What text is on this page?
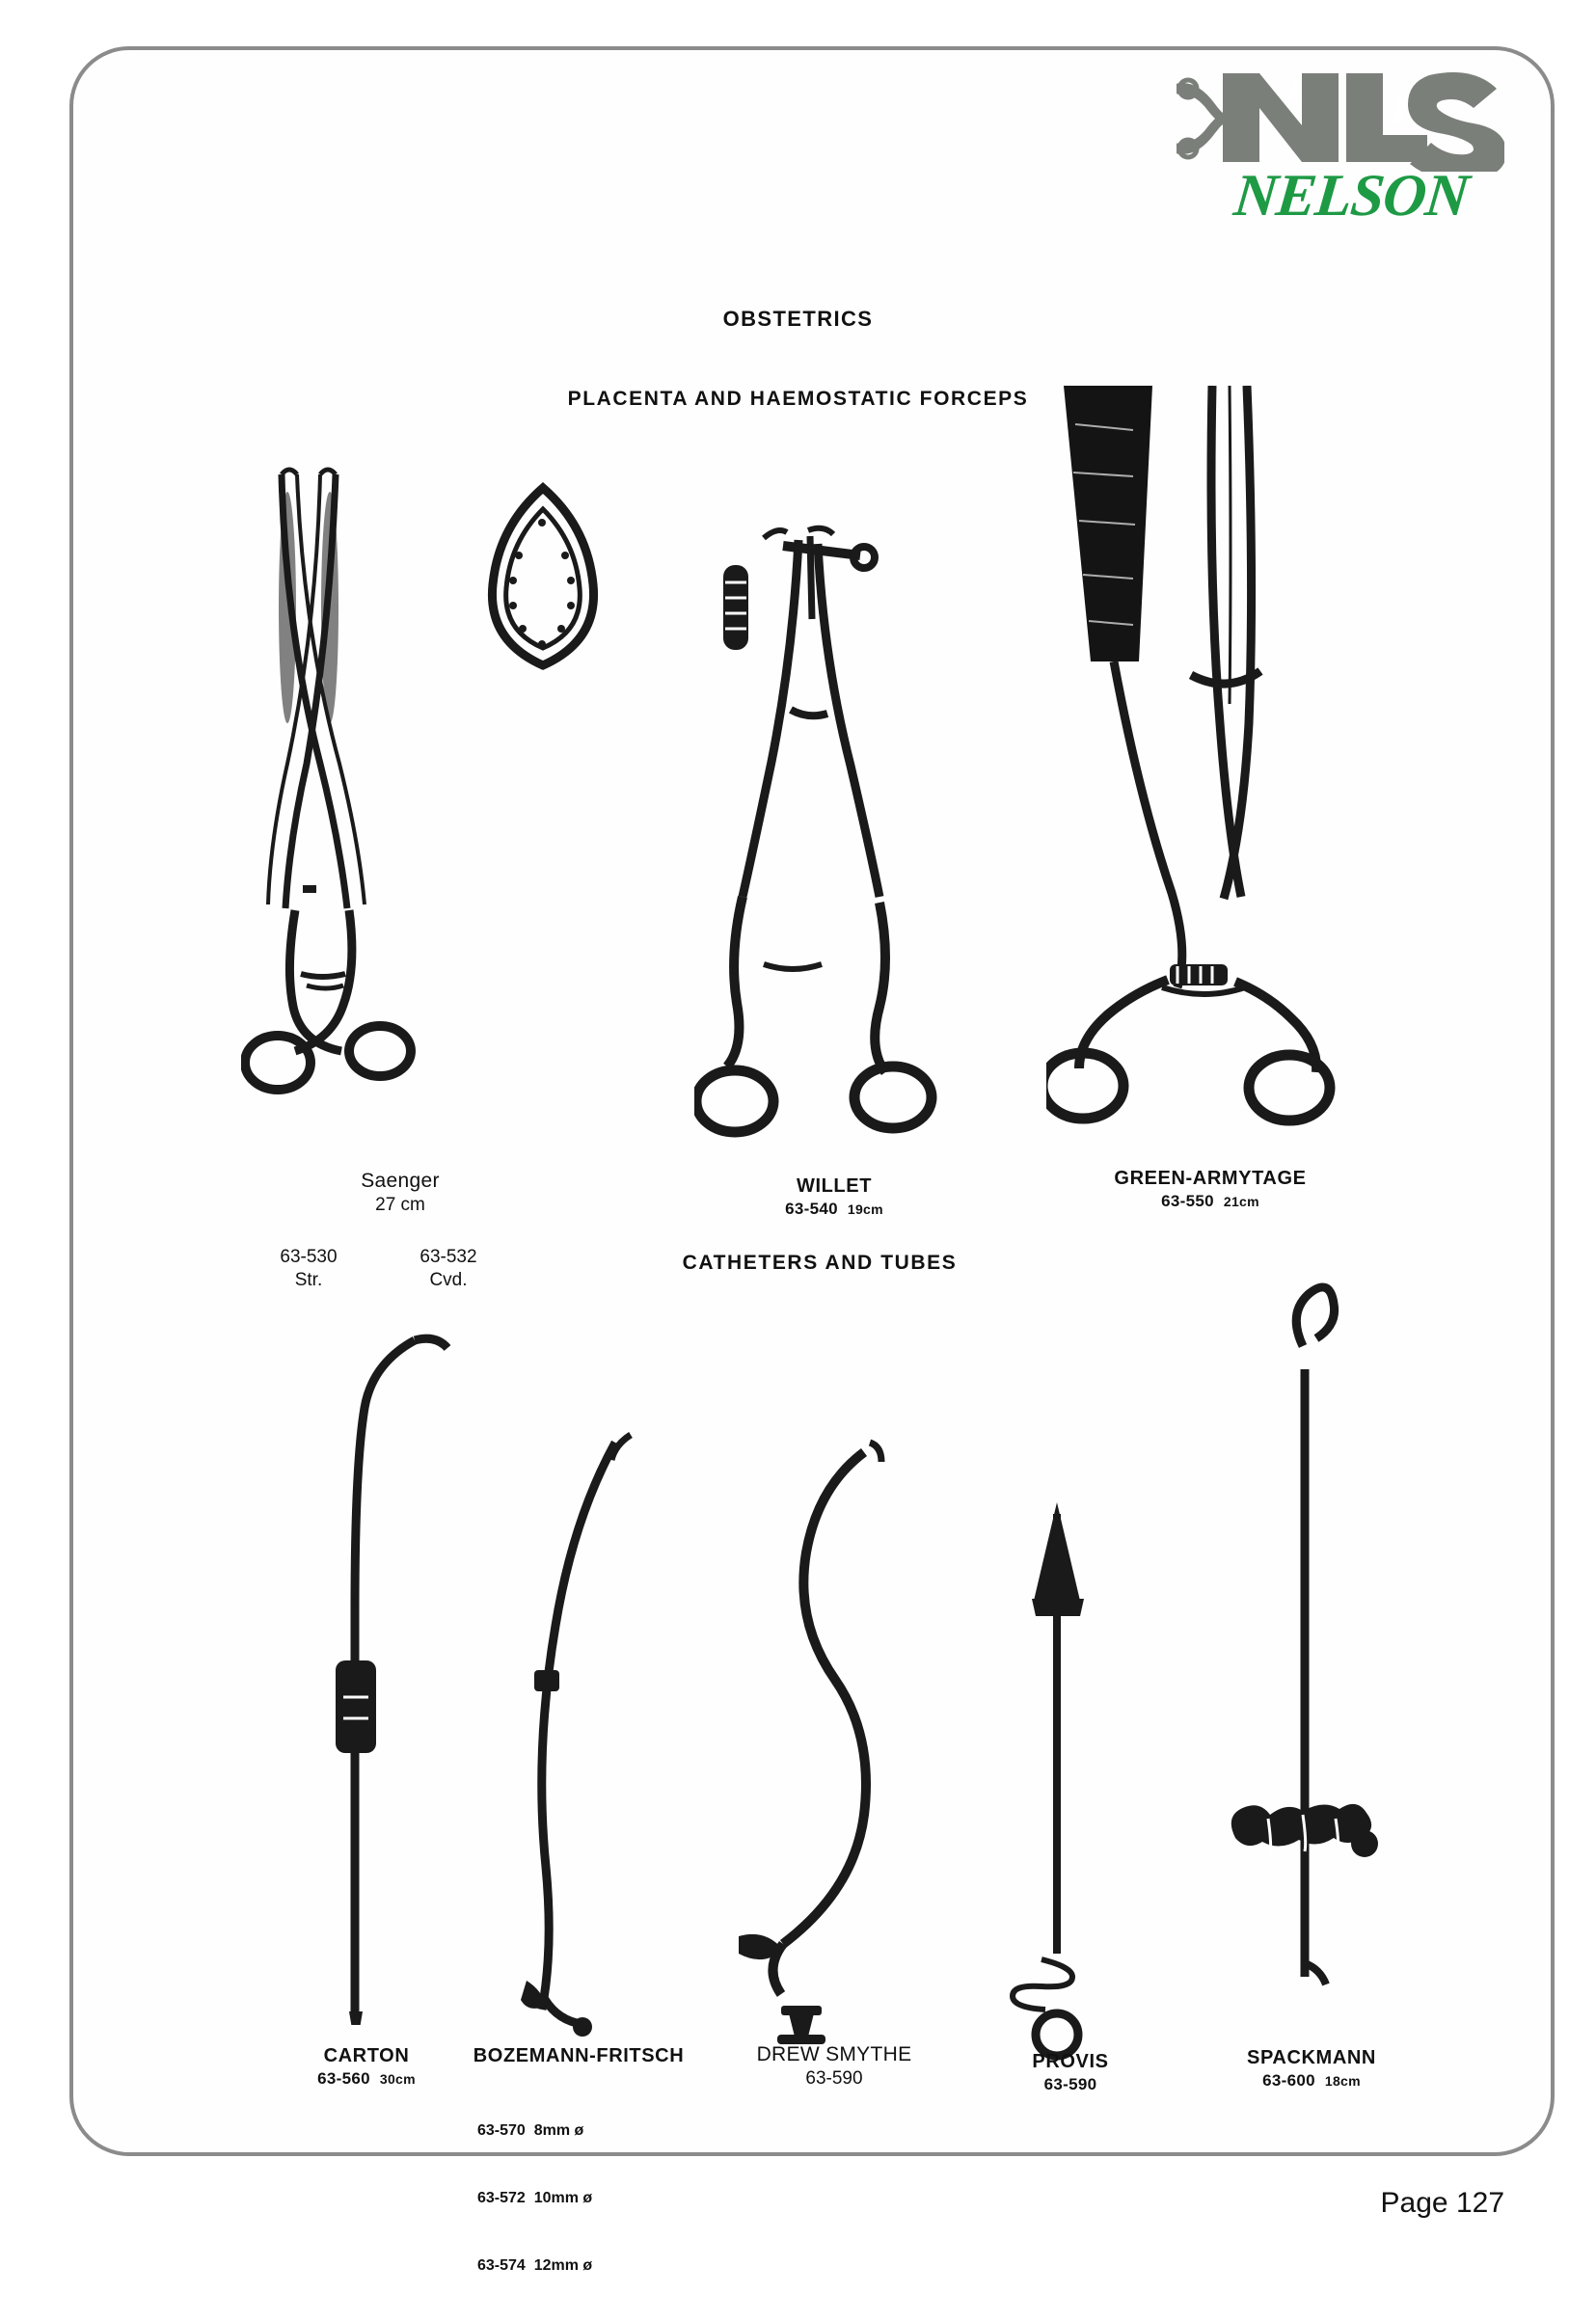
NELSON
OBSTETRICS
PLACENTA AND HAEMOSTATIC FORCEPS
CATHETERS AND TUBES
Saenger
27 cm
63-530
Str.
63-532
Cvd.
WILLET
63-540 19cm
GREEN-ARMYTAGE
63-550 21cm
CARTON
63-560 30cm
BOZEMANN-FRITSCH

63-570 8mm ø

63-572 10mm ø

63-574 12mm ø

DREW SMYTHE
63-590
PROVIS
63-590
SPACKMANN
63-600 18cm
Page 127
